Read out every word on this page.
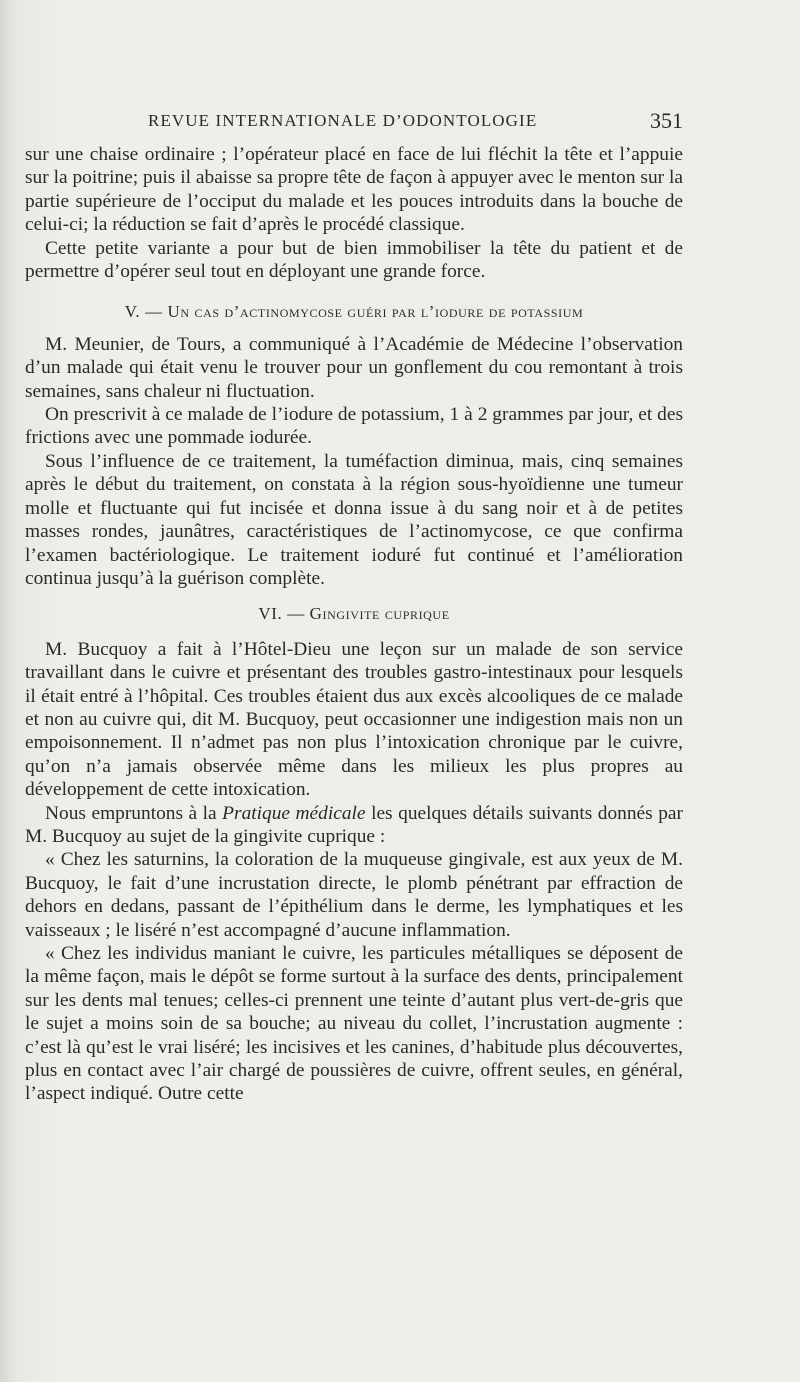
REVUE INTERNATIONALE D’ODONTOLOGIE	351

sur une chaise ordinaire ; l’opérateur placé en face de lui fléchit la tête et l’appuie sur la poitrine; puis il abaisse sa propre tête de façon à appuyer avec le menton sur la partie supérieure de l’occiput du malade et les pouces introduits dans la bouche de celui-ci; la réduction se fait d’après le procédé classique.

Cette petite variante a pour but de bien immobiliser la tête du patient et de permettre d’opérer seul tout en déployant une grande force.

V. — Un cas d’actinomycose guéri par l’iodure de potassium

M. Meunier, de Tours, a communiqué à l’Académie de Médecine l’observation d’un malade qui était venu le trouver pour un gonflement du cou remontant à trois semaines, sans chaleur ni fluctuation.

On prescrivit à ce malade de l’iodure de potassium, 1 à 2 grammes par jour, et des frictions avec une pommade iodurée.

Sous l’influence de ce traitement, la tuméfaction diminua, mais, cinq semaines après le début du traitement, on constata à la région sous-hyoïdienne une tumeur molle et fluctuante qui fut incisée et donna issue à du sang noir et à de petites masses rondes, jaunâtres, caractéristiques de l’actinomycose, ce que confirma l’examen bactériologique. Le traitement ioduré fut continué et l’amélioration continua jusqu’à la guérison complète.

VI. — Gingivite cuprique

M. Bucquoy a fait à l’Hôtel-Dieu une leçon sur un malade de son service travaillant dans le cuivre et présentant des troubles gastro-intestinaux pour lesquels il était entré à l’hôpital. Ces troubles étaient dus aux excès alcooliques de ce malade et non au cuivre qui, dit M. Bucquoy, peut occasionner une indigestion mais non un empoisonnement. Il n’admet pas non plus l’intoxication chronique par le cuivre, qu’on n’a jamais observée même dans les milieux les plus propres au développement de cette intoxication.

Nous empruntons à la Pratique médicale les quelques détails suivants donnés par M. Bucquoy au sujet de la gingivite cuprique :

« Chez les saturnins, la coloration de la muqueuse gingivale, est aux yeux de M. Bucquoy, le fait d’une incrustation directe, le plomb pénétrant par effraction de dehors en dedans, passant de l’épithélium dans le derme, les lymphatiques et les vaisseaux ; le liséré n’est accompagné d’aucune inflammation.

« Chez les individus maniant le cuivre, les particules métalliques se déposent de la même façon, mais le dépôt se forme surtout à la surface des dents, principalement sur les dents mal tenues; celles-ci prennent une teinte d’autant plus vert-de-gris que le sujet a moins soin de sa bouche; au niveau du collet, l’incrustation augmente : c’est là qu’est le vrai liséré; les incisives et les canines, d’habitude plus découvertes, plus en contact avec l’air chargé de poussières de cuivre, offrent seules, en général, l’aspect indiqué. Outre cette
